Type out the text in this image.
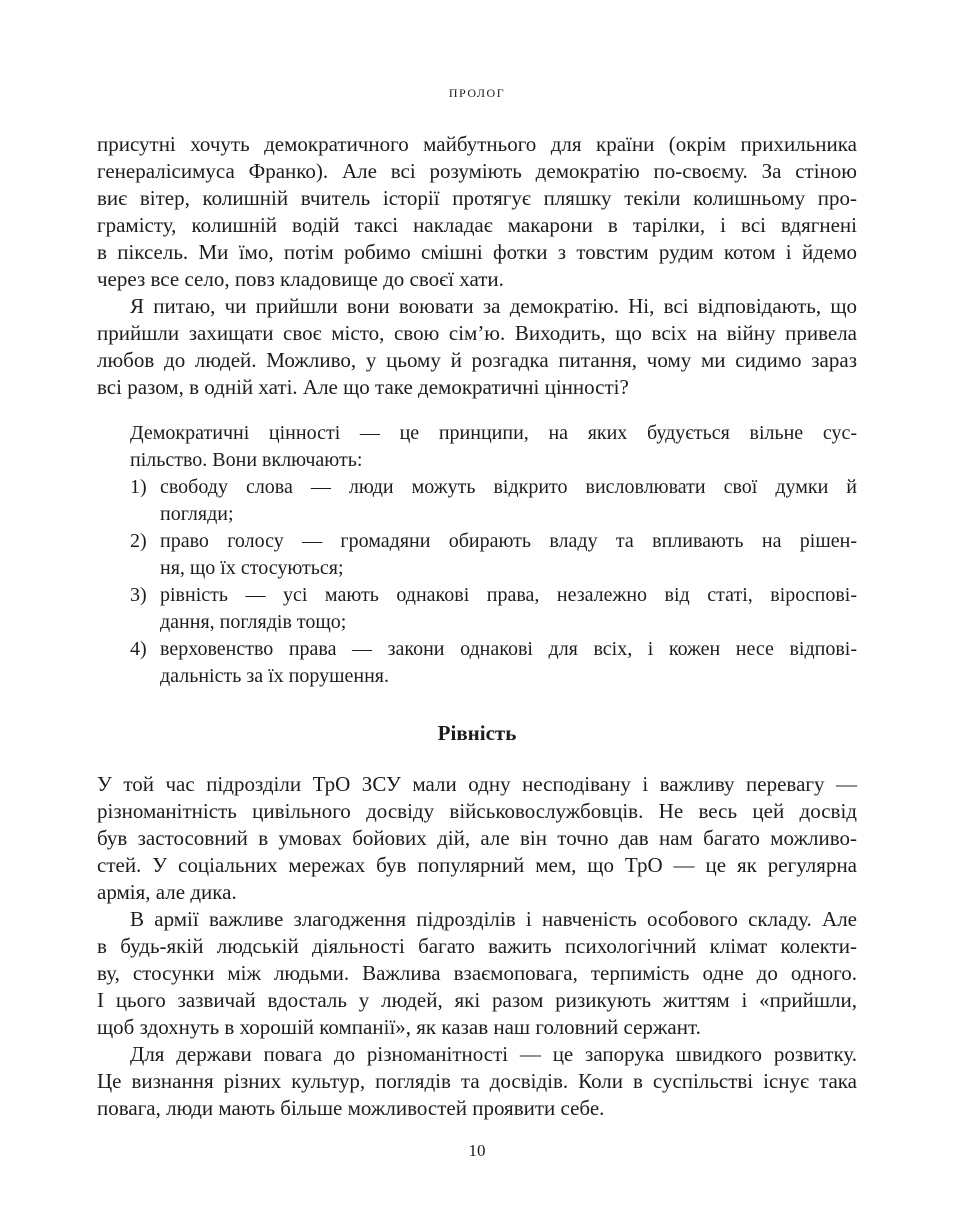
ПРОЛОГ

присутні хочуть демократичного майбутнього для країни (окрім прихильника
генералісимуса Франко). Але всі розуміють демократію по-своєму. За стіною
виє вітер, колишній вчитель історії протягує пляшку текіли колишньому про-
грамісту, колишній водій таксі накладає макарони в тарілки, і всі вдягнені
в піксель. Ми їмо, потім робимо смішні фотки з товстим рудим котом і йдемо
через все село, повз кладовище до своєї хати.

Я питаю, чи прийшли вони воювати за демократію. Ні, всі відповідають, що
прийшли захищати своє місто, свою сім’ю. Виходить, що всіх на війну привела
любов до людей. Можливо, у цьому й розгадка питання, чому ми сидимо зараз
всі разом, в одній хаті. Але що таке демократичні цінності?

Демократичні цінності — це принципи, на яких будується вільне сус-
пільство. Вони включають:
1) свободу слова — люди можуть відкрито висловлювати свої думки й
погляди;
2) право голосу — громадяни обирають владу та впливають на рішен-
ня, що їх стосуються;
3) рівність — усі мають однакові права, незалежно від статі, віроспові-
дання, поглядів тощо;
4) верховенство права — закони однакові для всіх, і кожен несе відпові-
дальність за їх порушення.
Рівність

У той час підрозділи ТрО ЗСУ мали одну несподівану і важливу перевагу —
різноманітність цивільного досвіду військовослужбовців. Не весь цей досвід
був застосовний в умовах бойових дій, але він точно дав нам багато можливо-
стей. У соціальних мережах був популярний мем, що ТрО — це як регулярна
армія, але дика.

В армії важливе злагодження підрозділів і навченість особового складу. Але
в будь-якій людській діяльності багато важить психологічний клімат колекти-
ву, стосунки між людьми. Важлива взаємоповага, терпимість одне до одного.
І цього зазвичай вдосталь у людей, які разом ризикують життям і «прийшли,
щоб здохнуть в хорошій компанії», як казав наш головний сержант.

Для держави повага до різноманітності — це запорука швидкого розвитку.
Це визнання різних культур, поглядів та досвідів. Коли в суспільстві існує така
повага, люди мають більше можливостей проявити себе.

10
